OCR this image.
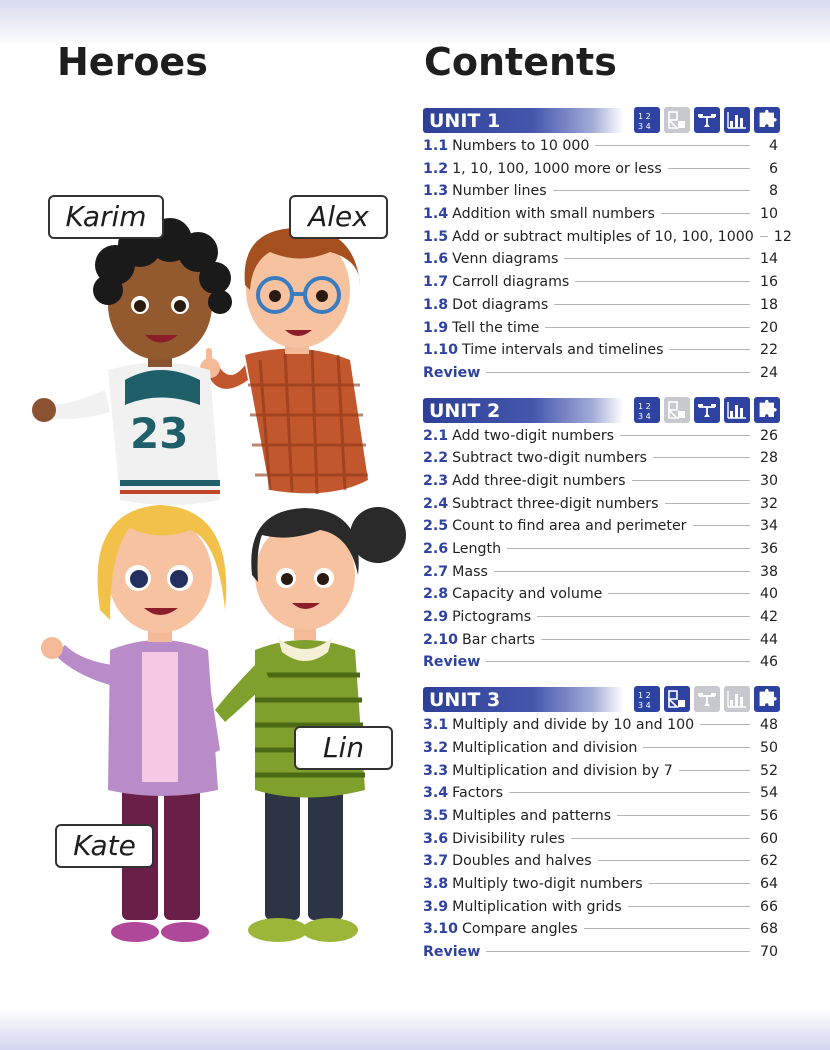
Heroes	Contents
23
Karim	Alex
Lin
Kate
UNIT 1	1 2
3 4
1.1 Numbers to 10 000	4
1.2 1, 10, 100, 1000 more or less	6
1.3 Number lines	8
1.4 Addition with small numbers	10
1.5 Add or subtract multiples of 10, 100, 1000 12
1.6 Venn diagrams	14
1.7 Carroll diagrams	16
1.8 Dot diagrams	18
1.9 Tell the time	20
1.10 Time intervals and timelines	22
Review	24
UNIT 2	1 2
3 4
2.1 Add two-digit numbers	26
2.2 Subtract two-digit numbers	28
2.3 Add three-digit numbers	30
2.4 Subtract three-digit numbers	32
2.5 Count to find area and perimeter	34
2.6 Length	36
2.7 Mass	38
2.8 Capacity and volume	40
2.9 Pictograms	42
2.10 Bar charts	44
Review	46
UNIT 3	1 2
3 4
3.1 Multiply and divide by 10 and 100	48
3.2 Multiplication and division	50
3.3 Multiplication and division by 7	52
3.4 Factors	54
3.5 Multiples and patterns	56
3.6 Divisibility rules	60
3.7 Doubles and halves	62
3.8 Multiply two-digit numbers	64
3.9 Multiplication with grids	66
3.10 Compare angles	68
Review	70
